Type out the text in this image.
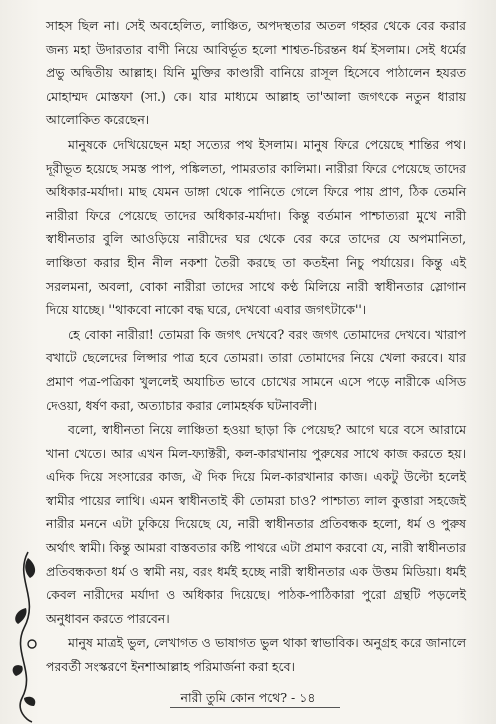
সাহস ছিল না। সেই অবহেলিত, লাঞ্চিত, অপদস্থতার অতল গহ্বর থেকে বের করার জন্য মহা উদারতার বাণী নিয়ে আবির্ভূত হলো শাশ্বত-চিরন্তন ধর্ম ইসলাম। সেই ধর্মের প্রভু অদ্বিতীয় আল্লাহ। যিনি মুক্তির কাণ্ডারী বানিয়ে রাসূল হিসেবে পাঠালেন হযরত মোহাম্মদ মোস্তফা (সা.) কে। যার মাধ্যমে আল্লাহ তা'আলা জগৎকে নতুন ধারায় আলোকিত করেছেন।

মানুষকে দেখিয়েছেন মহা সত্যের পথ ইসলাম। মানুষ ফিরে পেয়েছে শান্তির পথ। দূরীভূত হয়েছে সমস্ত পাপ, পঙ্কিলতা, পামরতার কালিমা। নারীরা ফিরে পেয়েছে তাদের অধিকার-মর্যাদা। মাছ যেমন ডাঙ্গা থেকে পানিতে গেলে ফিরে পায় প্রাণ, ঠিক তেমনি নারীরা ফিরে পেয়েছে তাদের অধিকার-মর্যাদা। কিন্তু বর্তমান পাশ্চাত্যরা মুখে নারী স্বাধীনতার বুলি আওড়িয়ে নারীদের ঘর থেকে বের করে তাদের যে অপমানিতা, লাঞ্চিতা করার হীন নীল নকশা তৈরী করছে তা কতইনা নিচু পর্যায়ের। কিন্তু এই সরলমনা, অবলা, বোকা নারীরা তাদের সাথে কণ্ঠ মিলিয়ে নারী স্বাধীনতার স্লোগান দিয়ে যাচ্ছে। ''থাকবো নাকো বদ্ধ ঘরে, দেখবো এবার জগৎটাকে''।

হে বোকা নারীরা! তোমরা কি জগৎ দেখবে? বরং জগৎ তোমাদের দেখবে। খারাপ বখাটে ছেলেদের লিপ্সার পাত্র হবে তোমরা। তারা তোমাদের নিয়ে খেলা করবে। যার প্রমাণ পত্র-পত্রিকা খুললেই অযাচিত ভাবে চোখের সামনে এসে পড়ে নারীকে এসিড দেওয়া, ধর্ষণ করা, অত্যাচার করার লোমহর্ষক ঘটনাবলী।

বলো, স্বাধীনতা নিয়ে লাঞ্চিতা হওয়া ছাড়া কি পেয়েছ? আগে ঘরে বসে আরামে খানা খেতে। আর এখন মিল-ফ্যাক্টরী, কল-কারখানায় পুরুষের সাথে কাজ করতে হয়। এদিক দিয়ে সংসারের কাজ, ঐ দিক দিয়ে মিল-কারখানার কাজ। একটু উল্টো হলেই স্বামীর পায়ের লাথি। এমন স্বাধীনতাই কী তোমরা চাও? পাশ্চাত্য লাল কুত্তারা সহজেই নারীর মননে এটা ঢুকিয়ে দিয়েছে যে, নারী স্বাধীনতার প্রতিবন্ধক হলো, ধর্ম ও পুরুষ অর্থাৎ স্বামী। কিন্তু আমরা বাস্তবতার কষ্টি পাথরে এটা প্রমাণ করবো যে, নারী স্বাধীনতার প্রতিবন্ধকতা ধর্ম ও স্বামী নয়, বরং ধর্মই হচ্ছে নারী স্বাধীনতার এক উত্তম মিডিয়া। ধর্মই কেবল নারীদের মর্যাদা ও অধিকার দিয়েছে। পাঠক-পাঠিকারা পুরো গ্রন্থটি পড়লেই অনুধাবন করতে পারবেন।

মানুষ মাত্রই ভুল, লেখাগত ও ভাষাগত ভুল থাকা স্বাভাবিক। অনুগ্রহ করে জানালে পরবর্তী সংস্করণে ইনশাআল্লাহ পরিমার্জনা করা হবে।

নারী তুমি কোন পথে? - ১৪
